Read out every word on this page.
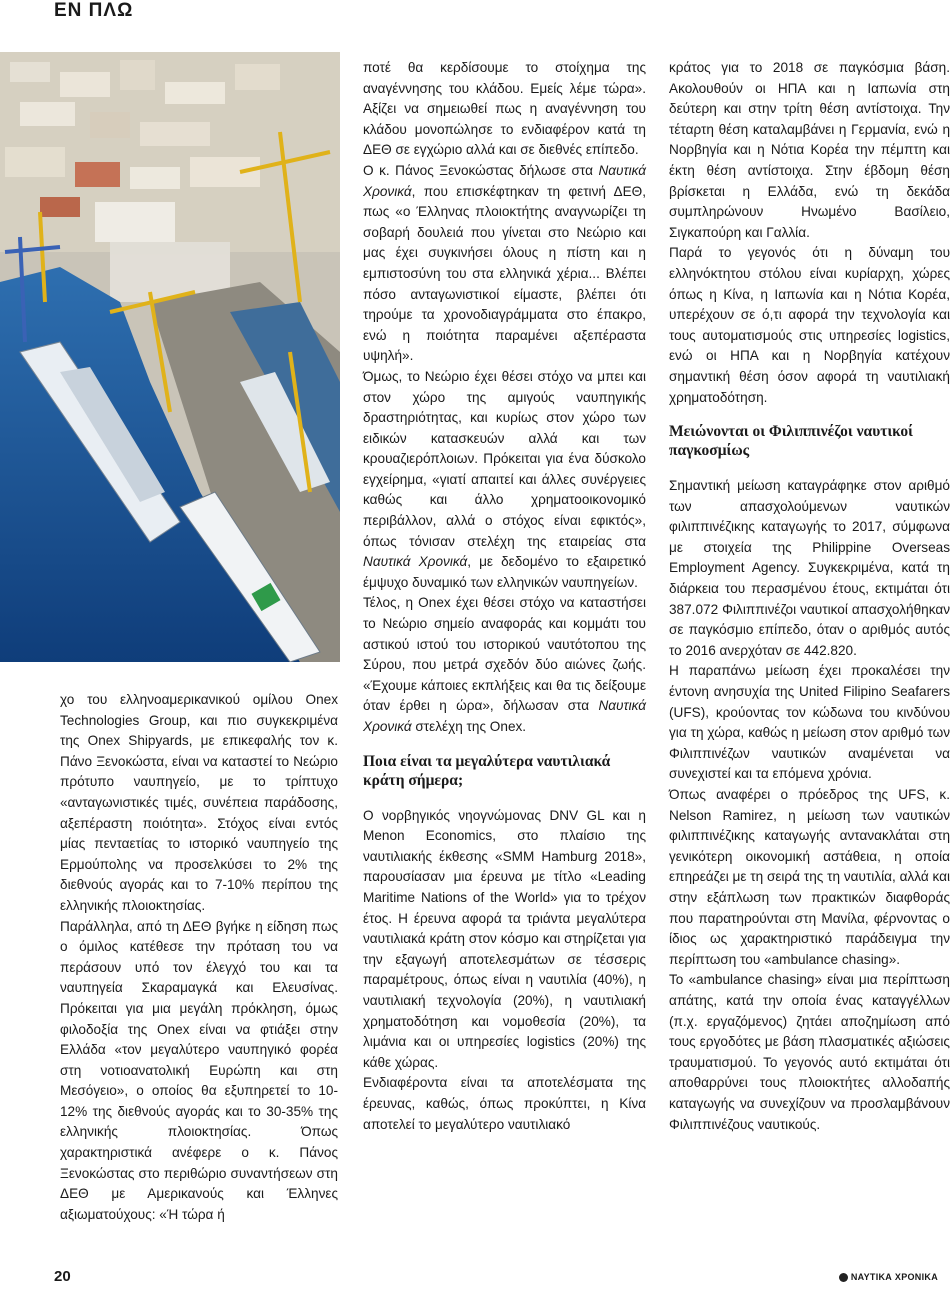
ΕΝ ΠΛΩ

χο του ελληνοαμερικανικού ομίλου Onex Technologies Group, και πιο συγκεκριμένα της Onex Shipyards, με επικεφαλής τον κ. Πάνο Ξενοκώστα, είναι να καταστεί το Νεώριο πρότυπο ναυπηγείο, με το τρίπτυχο «ανταγωνιστικές τιμές, συνέπεια παράδοσης, αξεπέραστη ποιότητα». Στόχος είναι εντός μίας πενταετίας το ιστορικό ναυπηγείο της Ερμούπολης να προσελκύσει το 2% της διεθνούς αγοράς και το 7-10% περίπου της ελληνικής πλοιοκτησίας.

Παράλληλα, από τη ΔΕΘ βγήκε η είδηση πως ο όμιλος κατέθεσε την πρόταση του να περάσουν υπό τον έλεγχό του και τα ναυπηγεία Σκαραμαγκά και Ελευσίνας. Πρόκειται για μια μεγάλη πρόκληση, όμως φιλοδοξία της Onex είναι να φτιάξει στην Ελλάδα «τον μεγαλύτερο ναυπηγικό φορέα στη νοτιοανατολική Ευρώπη και στη Μεσόγειο», ο οποίος θα εξυπηρετεί το 10-12% της διεθνούς αγοράς και το 30-35% της ελληνικής πλοιοκτησίας. Όπως χαρακτηριστικά ανέφερε ο κ. Πάνος Ξενοκώστας στο περιθώριο συναντήσεων στη ΔΕΘ με Αμερικανούς και Έλληνες αξιωματούχους: «Ή τώρα ή

ποτέ θα κερδίσουμε το στοίχημα της αναγέννησης του κλάδου. Εμείς λέμε τώρα». Αξίζει να σημειωθεί πως η αναγέννηση του κλάδου μονοπώλησε το ενδιαφέρον κατά τη ΔΕΘ σε εγχώριο αλλά και σε διεθνές επίπεδο.

Ο κ. Πάνος Ξενοκώστας δήλωσε στα Ναυτικά Χρονικά, που επισκέφτηκαν τη φετινή ΔΕΘ, πως «ο Έλληνας πλοιοκτήτης αναγνωρίζει τη σοβαρή δουλειά που γίνεται στο Νεώριο και μας έχει συγκινήσει όλους η πίστη και η εμπιστοσύνη του στα ελληνικά χέρια... Βλέπει πόσο ανταγωνιστικοί είμαστε, βλέπει ότι τηρούμε τα χρονοδιαγράμματα στο έπακρο, ενώ η ποιότητα παραμένει αξεπέραστα υψηλή».

Όμως, το Νεώριο έχει θέσει στόχο να μπει και στον χώρο της αμιγούς ναυπηγικής δραστηριότητας, και κυρίως στον χώρο των ειδικών κατασκευών αλλά και των κρουαζιερόπλοιων. Πρόκειται για ένα δύσκολο εγχείρημα, «γιατί απαιτεί και άλλες συνέργειες καθώς και άλλο χρηματοοικονομικό περιβάλλον, αλλά ο στόχος είναι εφικτός», όπως τόνισαν στελέχη της εταιρείας στα Ναυτικά Χρονικά, με δεδομένο το εξαιρετικό έμψυχο δυναμικό των ελληνικών ναυπηγείων.

Τέλος, η Onex έχει θέσει στόχο να καταστήσει το Νεώριο σημείο αναφοράς και κομμάτι του αστικού ιστού του ιστορικού ναυτότοπου της Σύρου, που μετρά σχεδόν δύο αιώνες ζωής. «Έχουμε κάποιες εκπλήξεις και θα τις δείξουμε όταν έρθει η ώρα», δήλωσαν στα Ναυτικά Χρονικά στελέχη της Onex.

Ποια είναι τα μεγαλύτερα ναυτιλιακά κράτη σήμερα;

Ο νορβηγικός νηογνώμονας DNV GL και η Menon Economics, στο πλαίσιο της ναυτιλιακής έκθεσης «SMM Hamburg 2018», παρουσίασαν μια έρευνα με τίτλο «Leading Maritime Nations of the World» για το τρέχον έτος. Η έρευνα αφορά τα τριάντα μεγαλύτερα ναυτιλιακά κράτη στον κόσμο και στηρίζεται για την εξαγωγή αποτελεσμάτων σε τέσσερις παραμέτρους, όπως είναι η ναυτιλία (40%), η ναυτιλιακή τεχνολογία (20%), η ναυτιλιακή χρηματοδότηση και νομοθεσία (20%), τα λιμάνια και οι υπηρεσίες logistics (20%) της κάθε χώρας.

Ενδιαφέροντα είναι τα αποτελέσματα της έρευνας, καθώς, όπως προκύπτει, η Κίνα αποτελεί το μεγαλύτερο ναυτιλιακό

κράτος για το 2018 σε παγκόσμια βάση. Ακολουθούν οι ΗΠΑ και η Ιαπωνία στη δεύτερη και στην τρίτη θέση αντίστοιχα. Την τέταρτη θέση καταλαμβάνει η Γερμανία, ενώ η Νορβηγία και η Νότια Κορέα την πέμπτη και έκτη θέση αντίστοιχα. Στην έβδομη θέση βρίσκεται η Ελλάδα, ενώ τη δεκάδα συμπληρώνουν Ηνωμένο Βασίλειο, Σιγκαπούρη και Γαλλία.

Παρά το γεγονός ότι η δύναμη του ελληνόκτητου στόλου είναι κυρίαρχη, χώρες όπως η Κίνα, η Ιαπωνία και η Νότια Κορέα, υπερέχουν σε ό,τι αφορά την τεχνολογία και τους αυτοματισμούς στις υπηρεσίες logistics, ενώ οι ΗΠΑ και η Νορβηγία κατέχουν σημαντική θέση όσον αφορά τη ναυτιλιακή χρηματοδότηση.

Μειώνονται οι Φιλιππινέζοι ναυτικοί παγκοσμίως

Σημαντική μείωση καταγράφηκε στον αριθμό των απασχολούμενων ναυτικών φιλιππινέζικης καταγωγής το 2017, σύμφωνα με στοιχεία της Philippine Overseas Employment Agency. Συγκεκριμένα, κατά τη διάρκεια του περασμένου έτους, εκτιμάται ότι 387.072 Φιλιππινέζοι ναυτικοί απασχολήθηκαν σε παγκόσμιο επίπεδο, όταν ο αριθμός αυτός το 2016 ανερχόταν σε 442.820.

Η παραπάνω μείωση έχει προκαλέσει την έντονη ανησυχία της United Filipino Seafarers (UFS), κρούοντας τον κώδωνα του κινδύνου για τη χώρα, καθώς η μείωση στον αριθμό των Φιλιππινέζων ναυτικών αναμένεται να συνεχιστεί και τα επόμενα χρόνια.

Όπως αναφέρει ο πρόεδρος της UFS, κ. Nelson Ramirez, η μείωση των ναυτικών φιλιππινέζικης καταγωγής αντανακλάται στη γενικότερη οικονομική αστάθεια, η οποία επηρεάζει με τη σειρά της τη ναυτιλία, αλλά και στην εξάπλωση των πρακτικών διαφθοράς που παρατηρούνται στη Μανίλα, φέρνοντας ο ίδιος ως χαρακτηριστικό παράδειγμα την περίπτωση του «ambulance chasing».

Το «ambulance chasing» είναι μια περίπτωση απάτης, κατά την οποία ένας καταγγέλλων (π.χ. εργαζόμενος) ζητάει αποζημίωση από τους εργοδότες με βάση πλασματικές αξιώσεις τραυματισμού. Το γεγονός αυτό εκτιμάται ότι αποθαρρύνει τους πλοιοκτήτες αλλοδαπής καταγωγής να συνεχίζουν να προσλαμβάνουν Φιλιππινέζους ναυτικούς.

20	ΝΑΥΤΙΚΑ ΧΡΟΝΙΚΑ
